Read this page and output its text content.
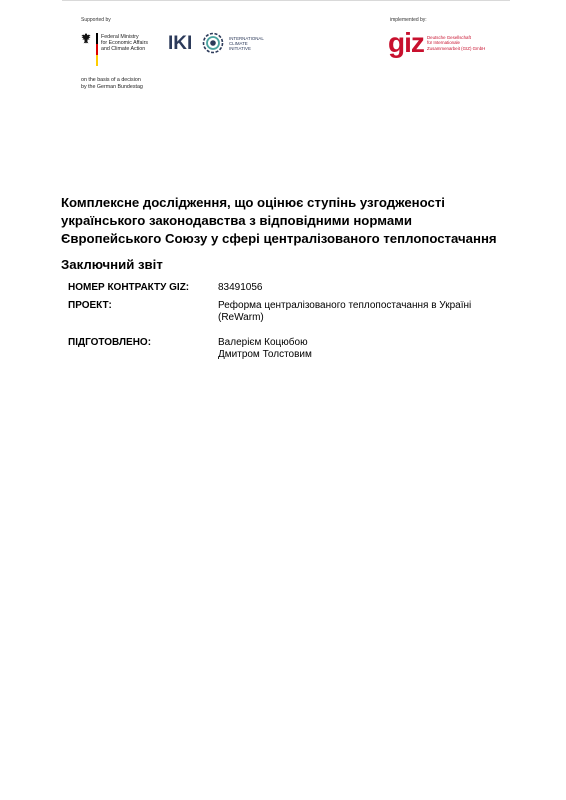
Supported by
Federal Ministry
for Economic Affairs
and Climate Action
on the basis of a decision
by the German Bundestag
IKI	INTERNATIONAL
CLIMATE
INITIATIVE
implemented by:
giz Deutsche Gesellschaft
für Internationale
Zusammenarbeit (GIZ) GmbH
Комплексне дослідження, що оцінює ступінь узгодженості
українського законодавства з відповідними нормами
Європейського Союзу у сфері централізованого теплопостачання
Заключний звіт
НОМЕР КОНТРАКТУ GIZ:	83491056
ПРОЕКТ:	Реформа централізованого теплопостачання в Україні
(ReWarm)
ПІДГОТОВЛЕНО:	Валерієм Коцюбою
Дмитром Толстовим
